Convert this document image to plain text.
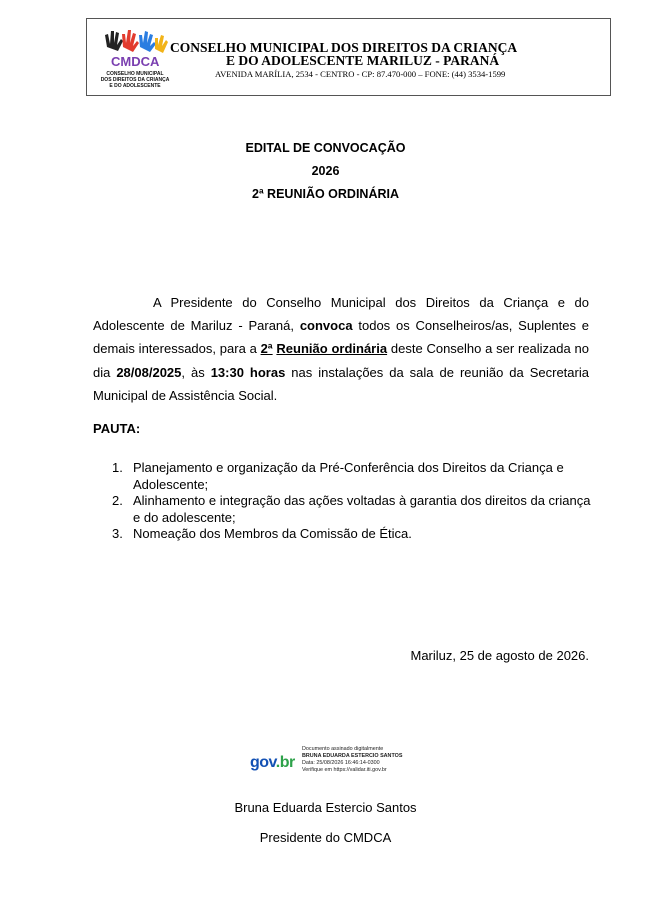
CMDCA
CONSELHO MUNICIPAL
DOS DIREITOS DA CRIANÇA
E DO ADOLESCENTE
CONSELHO MUNICIPAL DOS DIREITOS DA CRIANÇA
E DO ADOLESCENTE MARILUZ - PARANÁ
AVENIDA MARÍLIA, 2534 - CENTRO - CP: 87.470-000 – FONE: (44) 3534-1599
EDITAL DE CONVOCAÇÃO
2026
2ª REUNIÃO ORDINÁRIA
A Presidente do Conselho Municipal dos Direitos da Criança e do Adolescente de Mariluz - Paraná, convoca todos os Conselheiros/as, Suplentes e demais interessados, para a 2ª Reunião ordinária deste Conselho a ser realizada no dia 28/08/2025, às 13:30 horas nas instalações da sala de reunião da Secretaria Municipal de Assistência Social.
PAUTA:
1. Planejamento e organização da Pré-Conferência dos Direitos da Criança e Adolescente;
2. Alinhamento e integração das ações voltadas à garantia dos direitos da criança e do adolescente;
3. Nomeação dos Membros da Comissão de Ética.
Mariluz, 25 de agosto de 2026.
gov.br
Documento assinado digitalmente
BRUNA EDUARDA ESTERCIO SANTOS
Data: 25/08/2026 16:46:14-0300
Verifique em https://validar.iti.gov.br
Bruna Eduarda Estercio Santos
Presidente do CMDCA
